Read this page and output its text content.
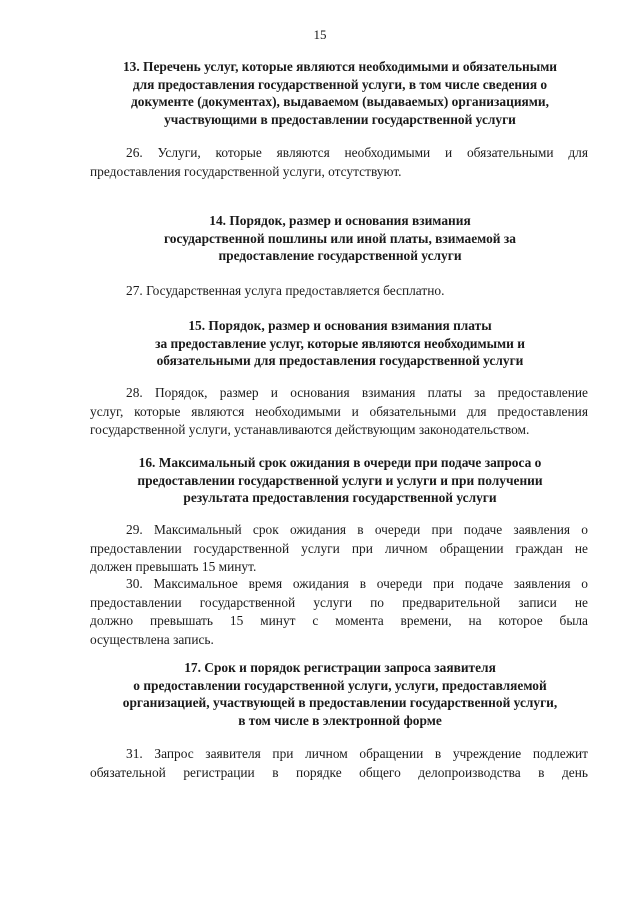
15
13. Перечень услуг, которые являются необходимыми и обязательными
для предоставления государственной услуги, в том числе сведения о
документе (документах), выдаваемом (выдаваемых) организациями,
участвующими в предоставлении государственной услуги
26. Услуги, которые являются необходимыми и обязательными для
предоставления государственной услуги, отсутствуют.
14. Порядок, размер и основания взимания
государственной пошлины или иной платы, взимаемой за
предоставление государственной услуги
27. Государственная услуга предоставляется бесплатно.
15. Порядок, размер и основания взимания платы
за предоставление услуг, которые являются необходимыми и
обязательными для предоставления государственной услуги
28. Порядок, размер и основания взимания платы за предоставление
услуг, которые являются необходимыми и обязательными для предоставления
государственной услуги, устанавливаются действующим законодательством.
16. Максимальный срок ожидания в очереди при подаче запроса о
предоставлении государственной услуги и услуги и при получении
результата предоставления государственной услуги
29. Максимальный срок ожидания в очереди при подаче заявления о
предоставлении государственной услуги при личном обращении граждан не
должен превышать 15 минут.
30. Максимальное время ожидания в очереди при подаче заявления о
предоставлении государственной услуги по предварительной записи не
должно превышать 15 минут с момента времени, на которое была
осуществлена запись.
17. Срок и порядок регистрации запроса заявителя
о предоставлении государственной услуги, услуги, предоставляемой
организацией, участвующей в предоставлении государственной услуги,
в том числе в электронной форме
31. Запрос заявителя при личном обращении в учреждение подлежит
обязательной регистрации в порядке общего делопроизводства в день
